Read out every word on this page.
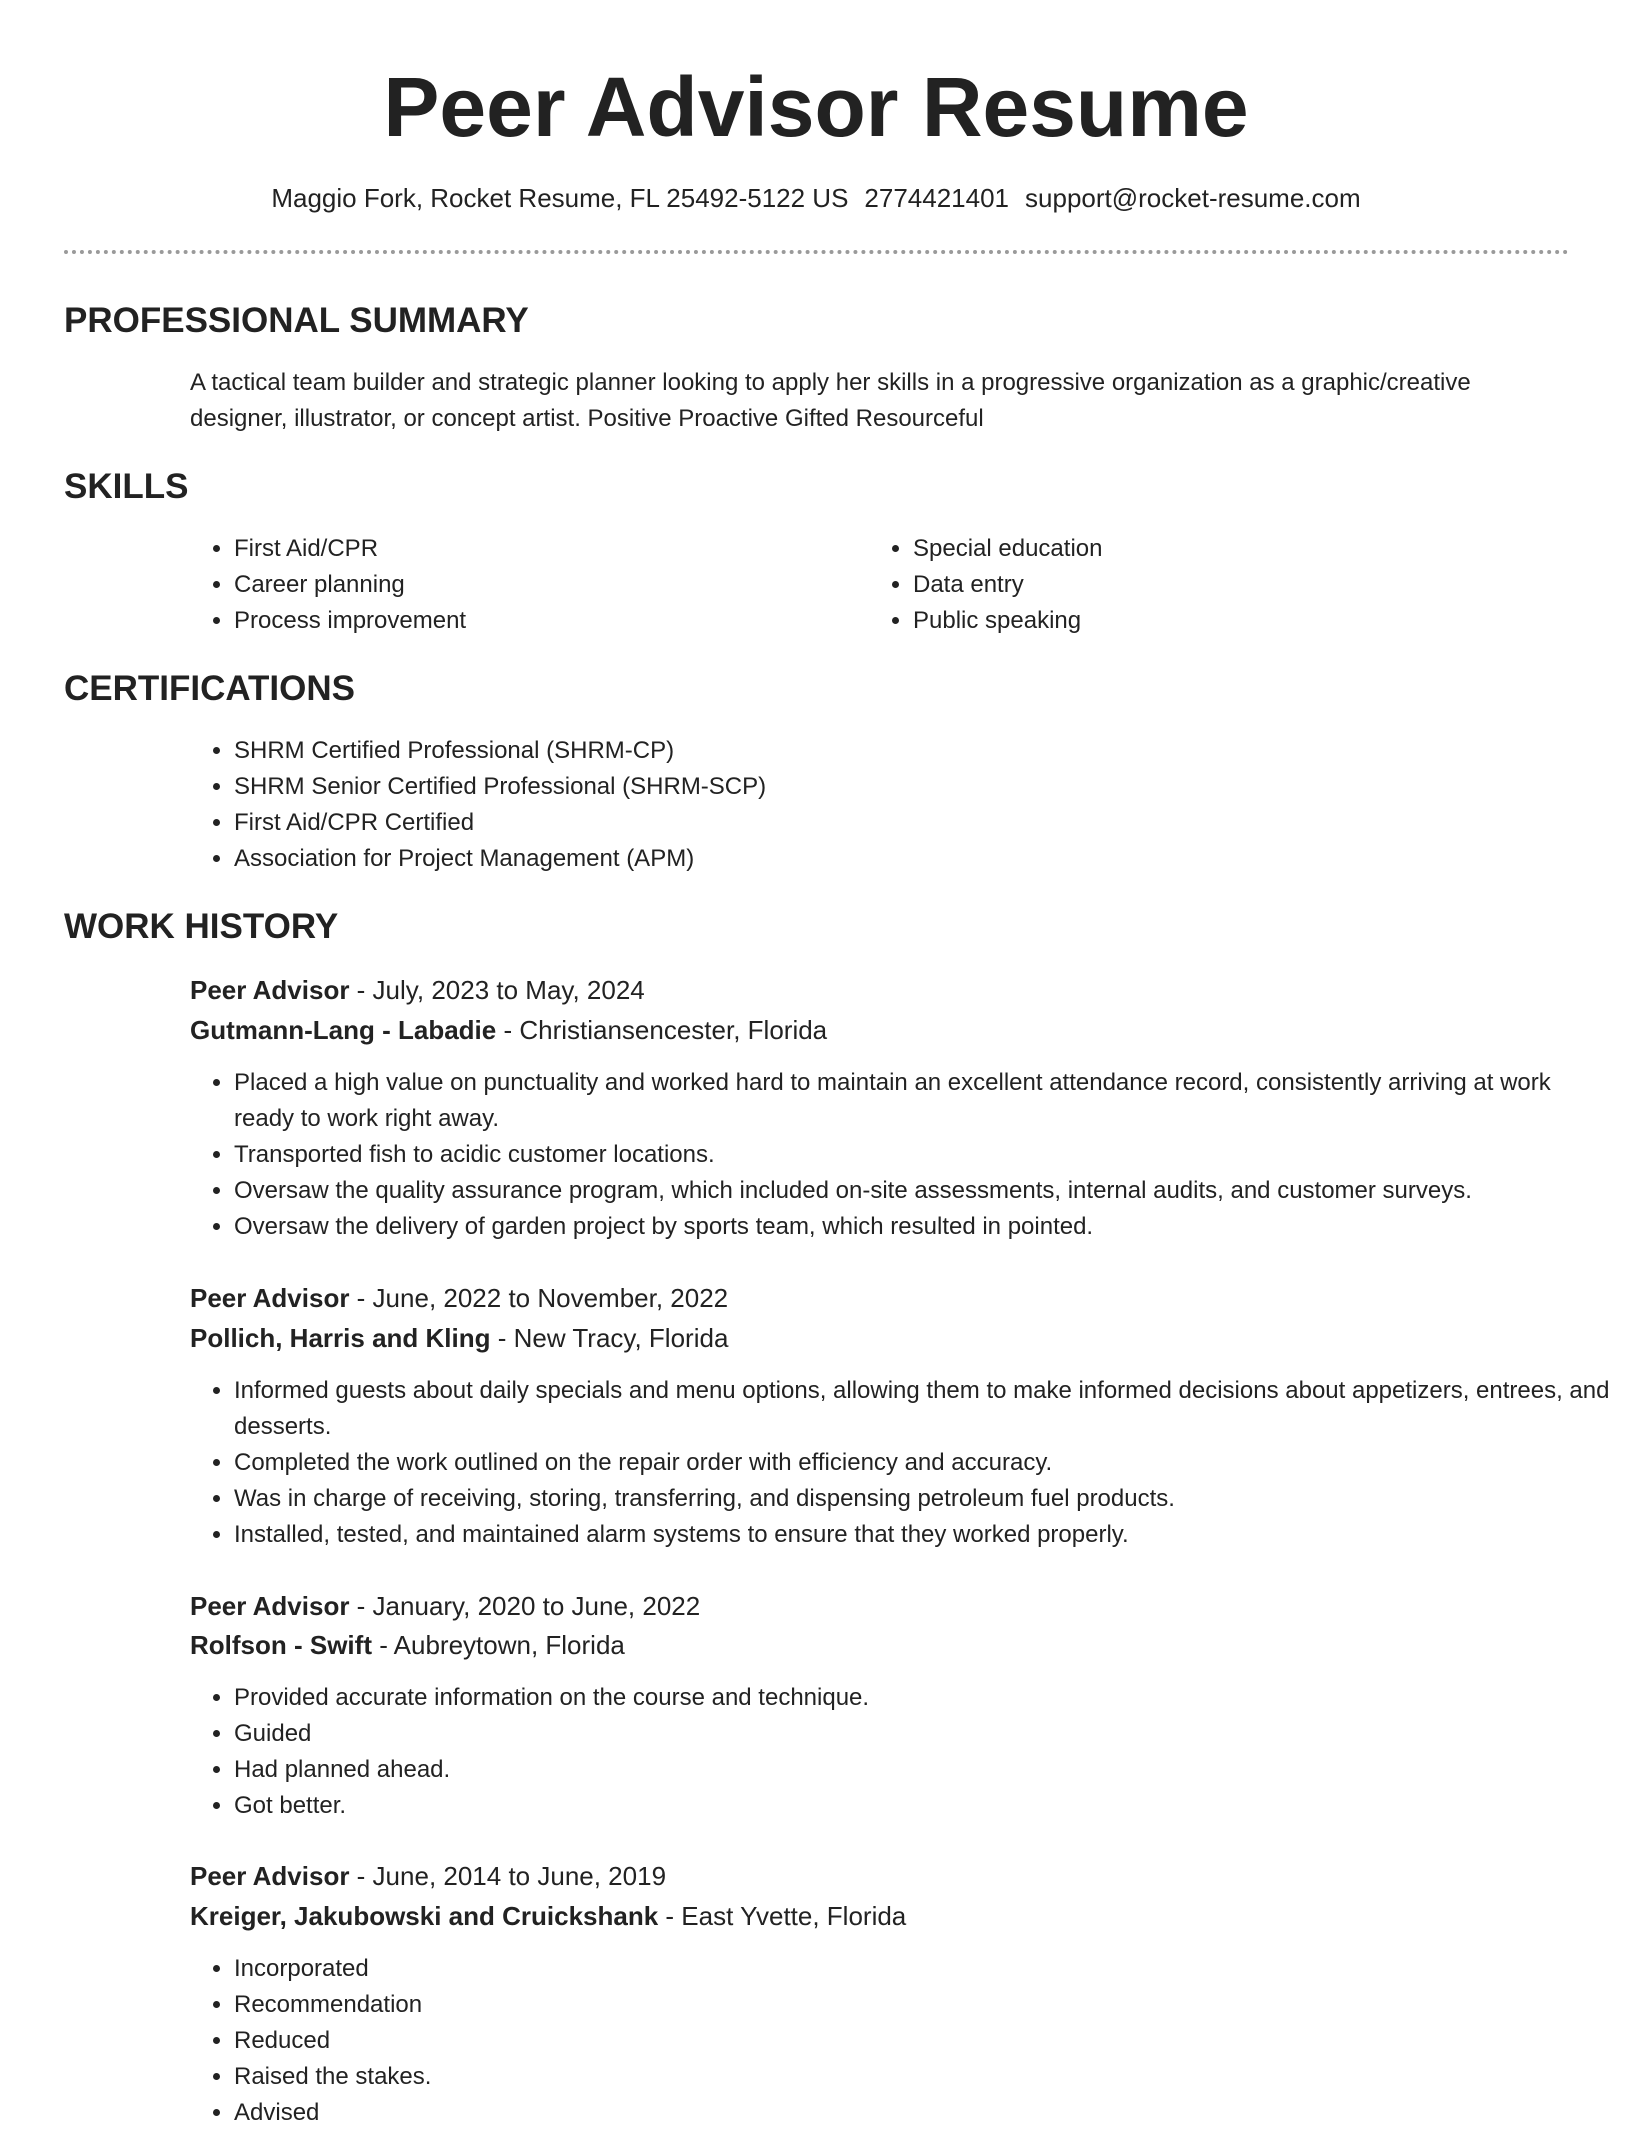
Peer Advisor Resume
Maggio Fork, Rocket Resume, FL 25492-5122 US 2774421401 support@rocket-resume.com
PROFESSIONAL SUMMARY
A tactical team builder and strategic planner looking to apply her skills in a progressive organization as a graphic/creative designer, illustrator, or concept artist. Positive Proactive Gifted Resourceful
SKILLS
• First Aid/CPR
• Career planning
• Process improvement
• Special education
• Data entry
• Public speaking
CERTIFICATIONS
• SHRM Certified Professional (SHRM-CP)
• SHRM Senior Certified Professional (SHRM-SCP)
• First Aid/CPR Certified
• Association for Project Management (APM)
WORK HISTORY
Peer Advisor - July, 2023 to May, 2024
Gutmann-Lang - Labadie - Christiansencester, Florida
• Placed a high value on punctuality and worked hard to maintain an excellent attendance record, consistently arriving at work ready to work right away.
• Transported fish to acidic customer locations.
• Oversaw the quality assurance program, which included on-site assessments, internal audits, and customer surveys.
• Oversaw the delivery of garden project by sports team, which resulted in pointed.
Peer Advisor - June, 2022 to November, 2022
Pollich, Harris and Kling - New Tracy, Florida
• Informed guests about daily specials and menu options, allowing them to make informed decisions about appetizers, entrees, and desserts.
• Completed the work outlined on the repair order with efficiency and accuracy.
• Was in charge of receiving, storing, transferring, and dispensing petroleum fuel products.
• Installed, tested, and maintained alarm systems to ensure that they worked properly.
Peer Advisor - January, 2020 to June, 2022
Rolfson - Swift - Aubreytown, Florida
• Provided accurate information on the course and technique.
• Guided
• Had planned ahead.
• Got better.
Peer Advisor - June, 2014 to June, 2019
Kreiger, Jakubowski and Cruickshank - East Yvette, Florida
• Incorporated
• Recommendation
• Reduced
• Raised the stakes.
• Advised
